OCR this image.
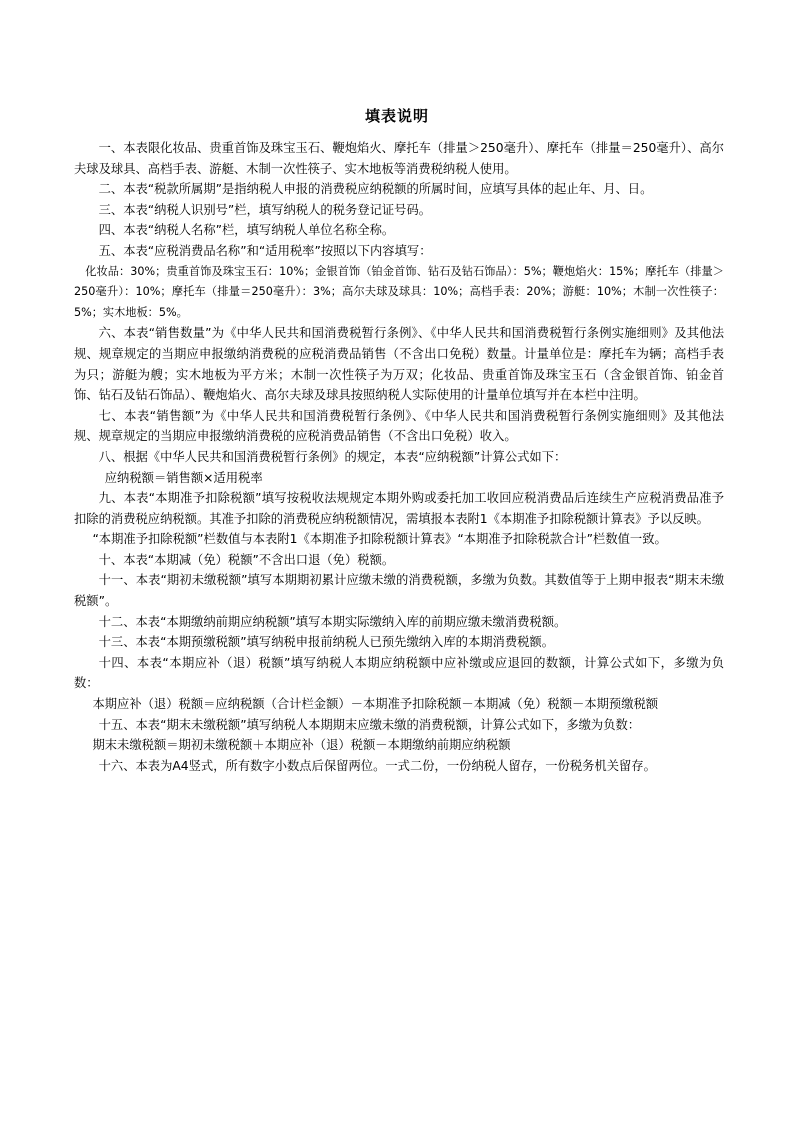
填表说明

一、本表限化妆品、贵重首饰及珠宝玉石、鞭炮焰火、摩托车（排量＞250毫升）、摩托车（排量＝250毫升）、高尔夫球及球具、高档手表、游艇、木制一次性筷子、实木地板等消费税纳税人使用。

二、本表“税款所属期”是指纳税人申报的消费税应纳税额的所属时间，应填写具体的起止年、月、日。

三、本表“纳税人识别号”栏，填写纳税人的税务登记证号码。

四、本表“纳税人名称”栏，填写纳税人单位名称全称。

五、本表“应税消费品名称”和“适用税率”按照以下内容填写：

化妆品：30%；贵重首饰及珠宝玉石：10%；金银首饰（铂金首饰、钻石及钻石饰品）：5%；鞭炮焰火：15%；摩托车（排量＞250毫升）：10%；摩托车（排量＝250毫升）：3%；高尔夫球及球具：10%；高档手表：20%；游艇：10%；木制一次性筷子：5%；实木地板：5%。

六、本表“销售数量”为《中华人民共和国消费税暂行条例》、《中华人民共和国消费税暂行条例实施细则》及其他法规、规章规定的当期应申报缴纳消费税的应税消费品销售（不含出口免税）数量。计量单位是：摩托车为辆；高档手表为只；游艇为艘；实木地板为平方米；木制一次性筷子为万双；化妆品、贵重首饰及珠宝玉石（含金银首饰、铂金首饰、钻石及钻石饰品）、鞭炮焰火、高尔夫球及球具按照纳税人实际使用的计量单位填写并在本栏中注明。

七、本表“销售额”为《中华人民共和国消费税暂行条例》、《中华人民共和国消费税暂行条例实施细则》及其他法规、规章规定的当期应申报缴纳消费税的应税消费品销售（不含出口免税）收入。

八、根据《中华人民共和国消费税暂行条例》的规定，本表“应纳税额”计算公式如下：

应纳税额＝销售额×适用税率

九、本表“本期准予扣除税额”填写按税收法规规定本期外购或委托加工收回应税消费品后连续生产应税消费品准予扣除的消费税应纳税额。其准予扣除的消费税应纳税额情况，需填报本表附1《本期准予扣除税额计算表》予以反映。

“本期准予扣除税额”栏数值与本表附1《本期准予扣除税额计算表》“本期准予扣除税款合计”栏数值一致。

十、本表“本期减（免）税额”不含出口退（免）税额。

十一、本表“期初未缴税额”填写本期期初累计应缴未缴的消费税额，多缴为负数。其数值等于上期申报表“期末未缴税额”。

十二、本表“本期缴纳前期应纳税额”填写本期实际缴纳入库的前期应缴未缴消费税额。

十三、本表“本期预缴税额”填写纳税申报前纳税人已预先缴纳入库的本期消费税额。

十四、本表“本期应补（退）税额”填写纳税人本期应纳税额中应补缴或应退回的数额，计算公式如下，多缴为负数：

本期应补（退）税额＝应纳税额（合计栏金额）－本期准予扣除税额－本期减（免）税额－本期预缴税额

十五、本表“期末未缴税额”填写纳税人本期期末应缴未缴的消费税额，计算公式如下，多缴为负数：

期末未缴税额＝期初未缴税额＋本期应补（退）税额－本期缴纳前期应纳税额

十六、本表为A4竖式，所有数字小数点后保留两位。一式二份，一份纳税人留存，一份税务机关留存。
